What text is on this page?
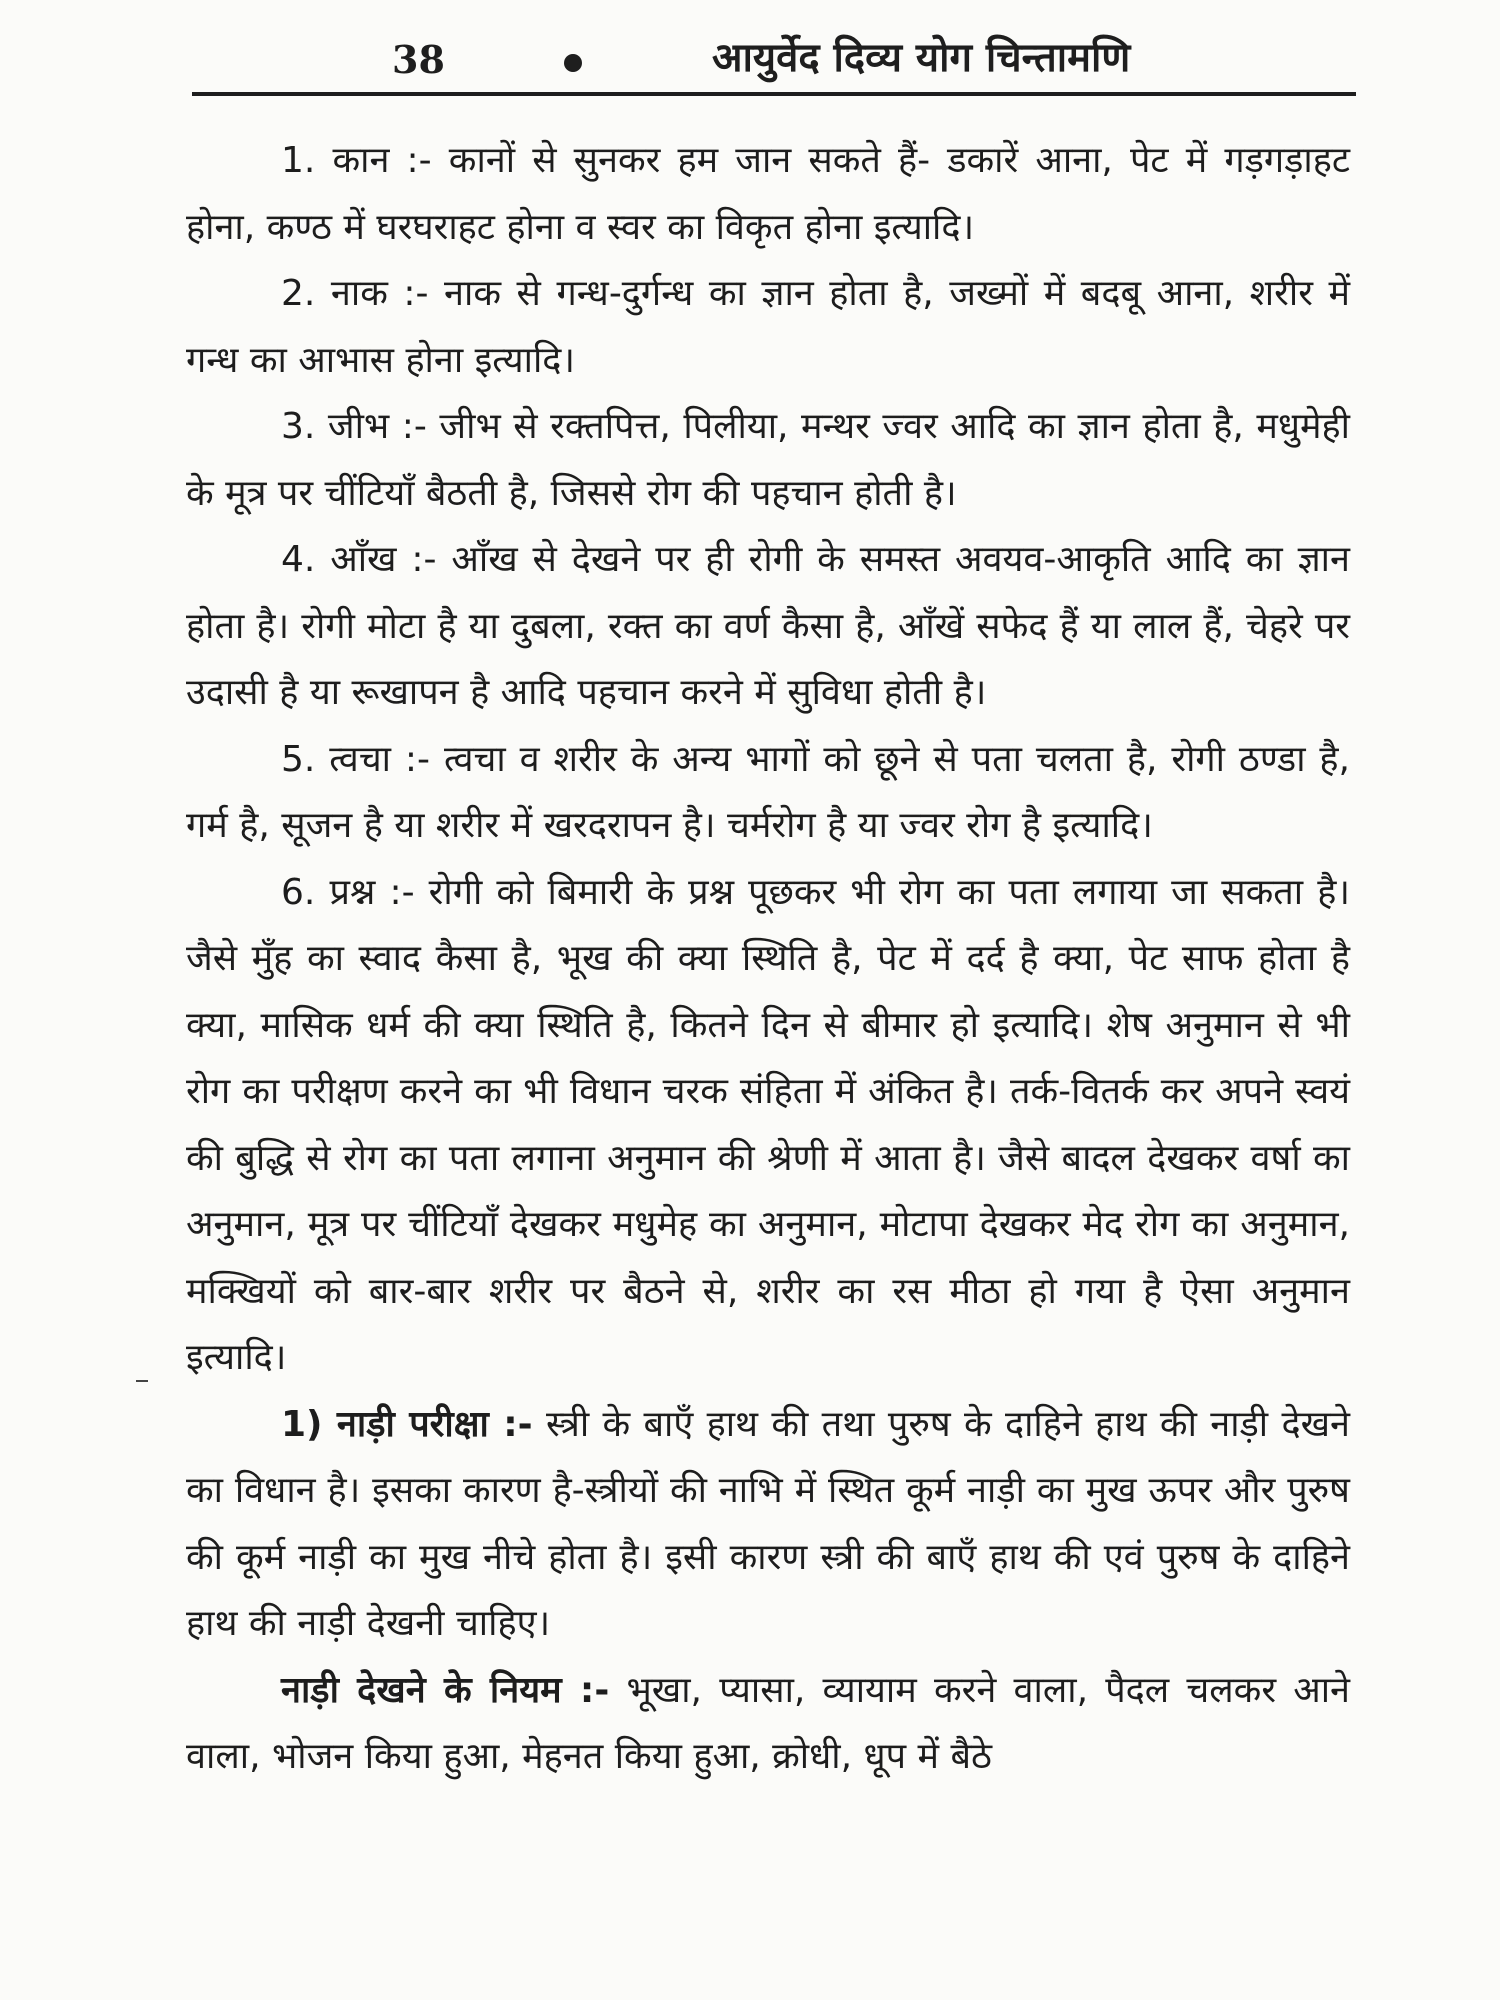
38	आयुर्वेद दिव्य योग चिन्तामणि

1. कान :- कानों से सुनकर हम जान सकते हैं- डकारें आना, पेट में गड़गड़ाहट होना, कण्ठ में घरघराहट होना व स्वर का विकृत होना इत्यादि।

2. नाक :- नाक से गन्ध-दुर्गन्ध का ज्ञान होता है, जख्मों में बदबू आना, शरीर में गन्ध का आभास होना इत्यादि।

3. जीभ :- जीभ से रक्तपित्त, पिलीया, मन्थर ज्वर आदि का ज्ञान होता है, मधुमेही के मूत्र पर चींटियाँ बैठती है, जिससे रोग की पहचान होती है।

4. आँख :- आँख से देखने पर ही रोगी के समस्त अवयव-आकृति आदि का ज्ञान होता है। रोगी मोटा है या दुबला, रक्त का वर्ण कैसा है, आँखें सफेद हैं या लाल हैं, चेहरे पर उदासी है या रूखापन है आदि पहचान करने में सुविधा होती है।

5. त्वचा :- त्वचा व शरीर के अन्य भागों को छूने से पता चलता है, रोगी ठण्डा है, गर्म है, सूजन है या शरीर में खरदरापन है। चर्मरोग है या ज्वर रोग है इत्यादि।

6. प्रश्न :- रोगी को बिमारी के प्रश्न पूछकर भी रोग का पता लगाया जा सकता है। जैसे मुँह का स्वाद कैसा है, भूख की क्या स्थिति है, पेट में दर्द है क्या, पेट साफ होता है क्या, मासिक धर्म की क्या स्थिति है, कितने दिन से बीमार हो इत्यादि। शेष अनुमान से भी रोग का परीक्षण करने का भी विधान चरक संहिता में अंकित है। तर्क-वितर्क कर अपने स्वयं की बुद्धि से रोग का पता लगाना अनुमान की श्रेणी में आता है। जैसे बादल देखकर वर्षा का अनुमान, मूत्र पर चींटियाँ देखकर मधुमेह का अनुमान, मोटापा देखकर मेद रोग का अनुमान, मक्खियों को बार-बार शरीर पर बैठने से, शरीर का रस मीठा हो गया है ऐसा अनुमान इत्यादि।

1) नाड़ी परीक्षा :- स्त्री के बाएँ हाथ की तथा पुरुष के दाहिने हाथ की नाड़ी देखने का विधान है। इसका कारण है-स्त्रीयों की नाभि में स्थित कूर्म नाड़ी का मुख ऊपर और पुरुष की कूर्म नाड़ी का मुख नीचे होता है। इसी कारण स्त्री की बाएँ हाथ की एवं पुरुष के दाहिने हाथ की नाड़ी देखनी चाहिए।

नाड़ी देखने के नियम :- भूखा, प्यासा, व्यायाम करने वाला, पैदल चलकर आने वाला, भोजन किया हुआ, मेहनत किया हुआ, क्रोधी, धूप में बैठे
